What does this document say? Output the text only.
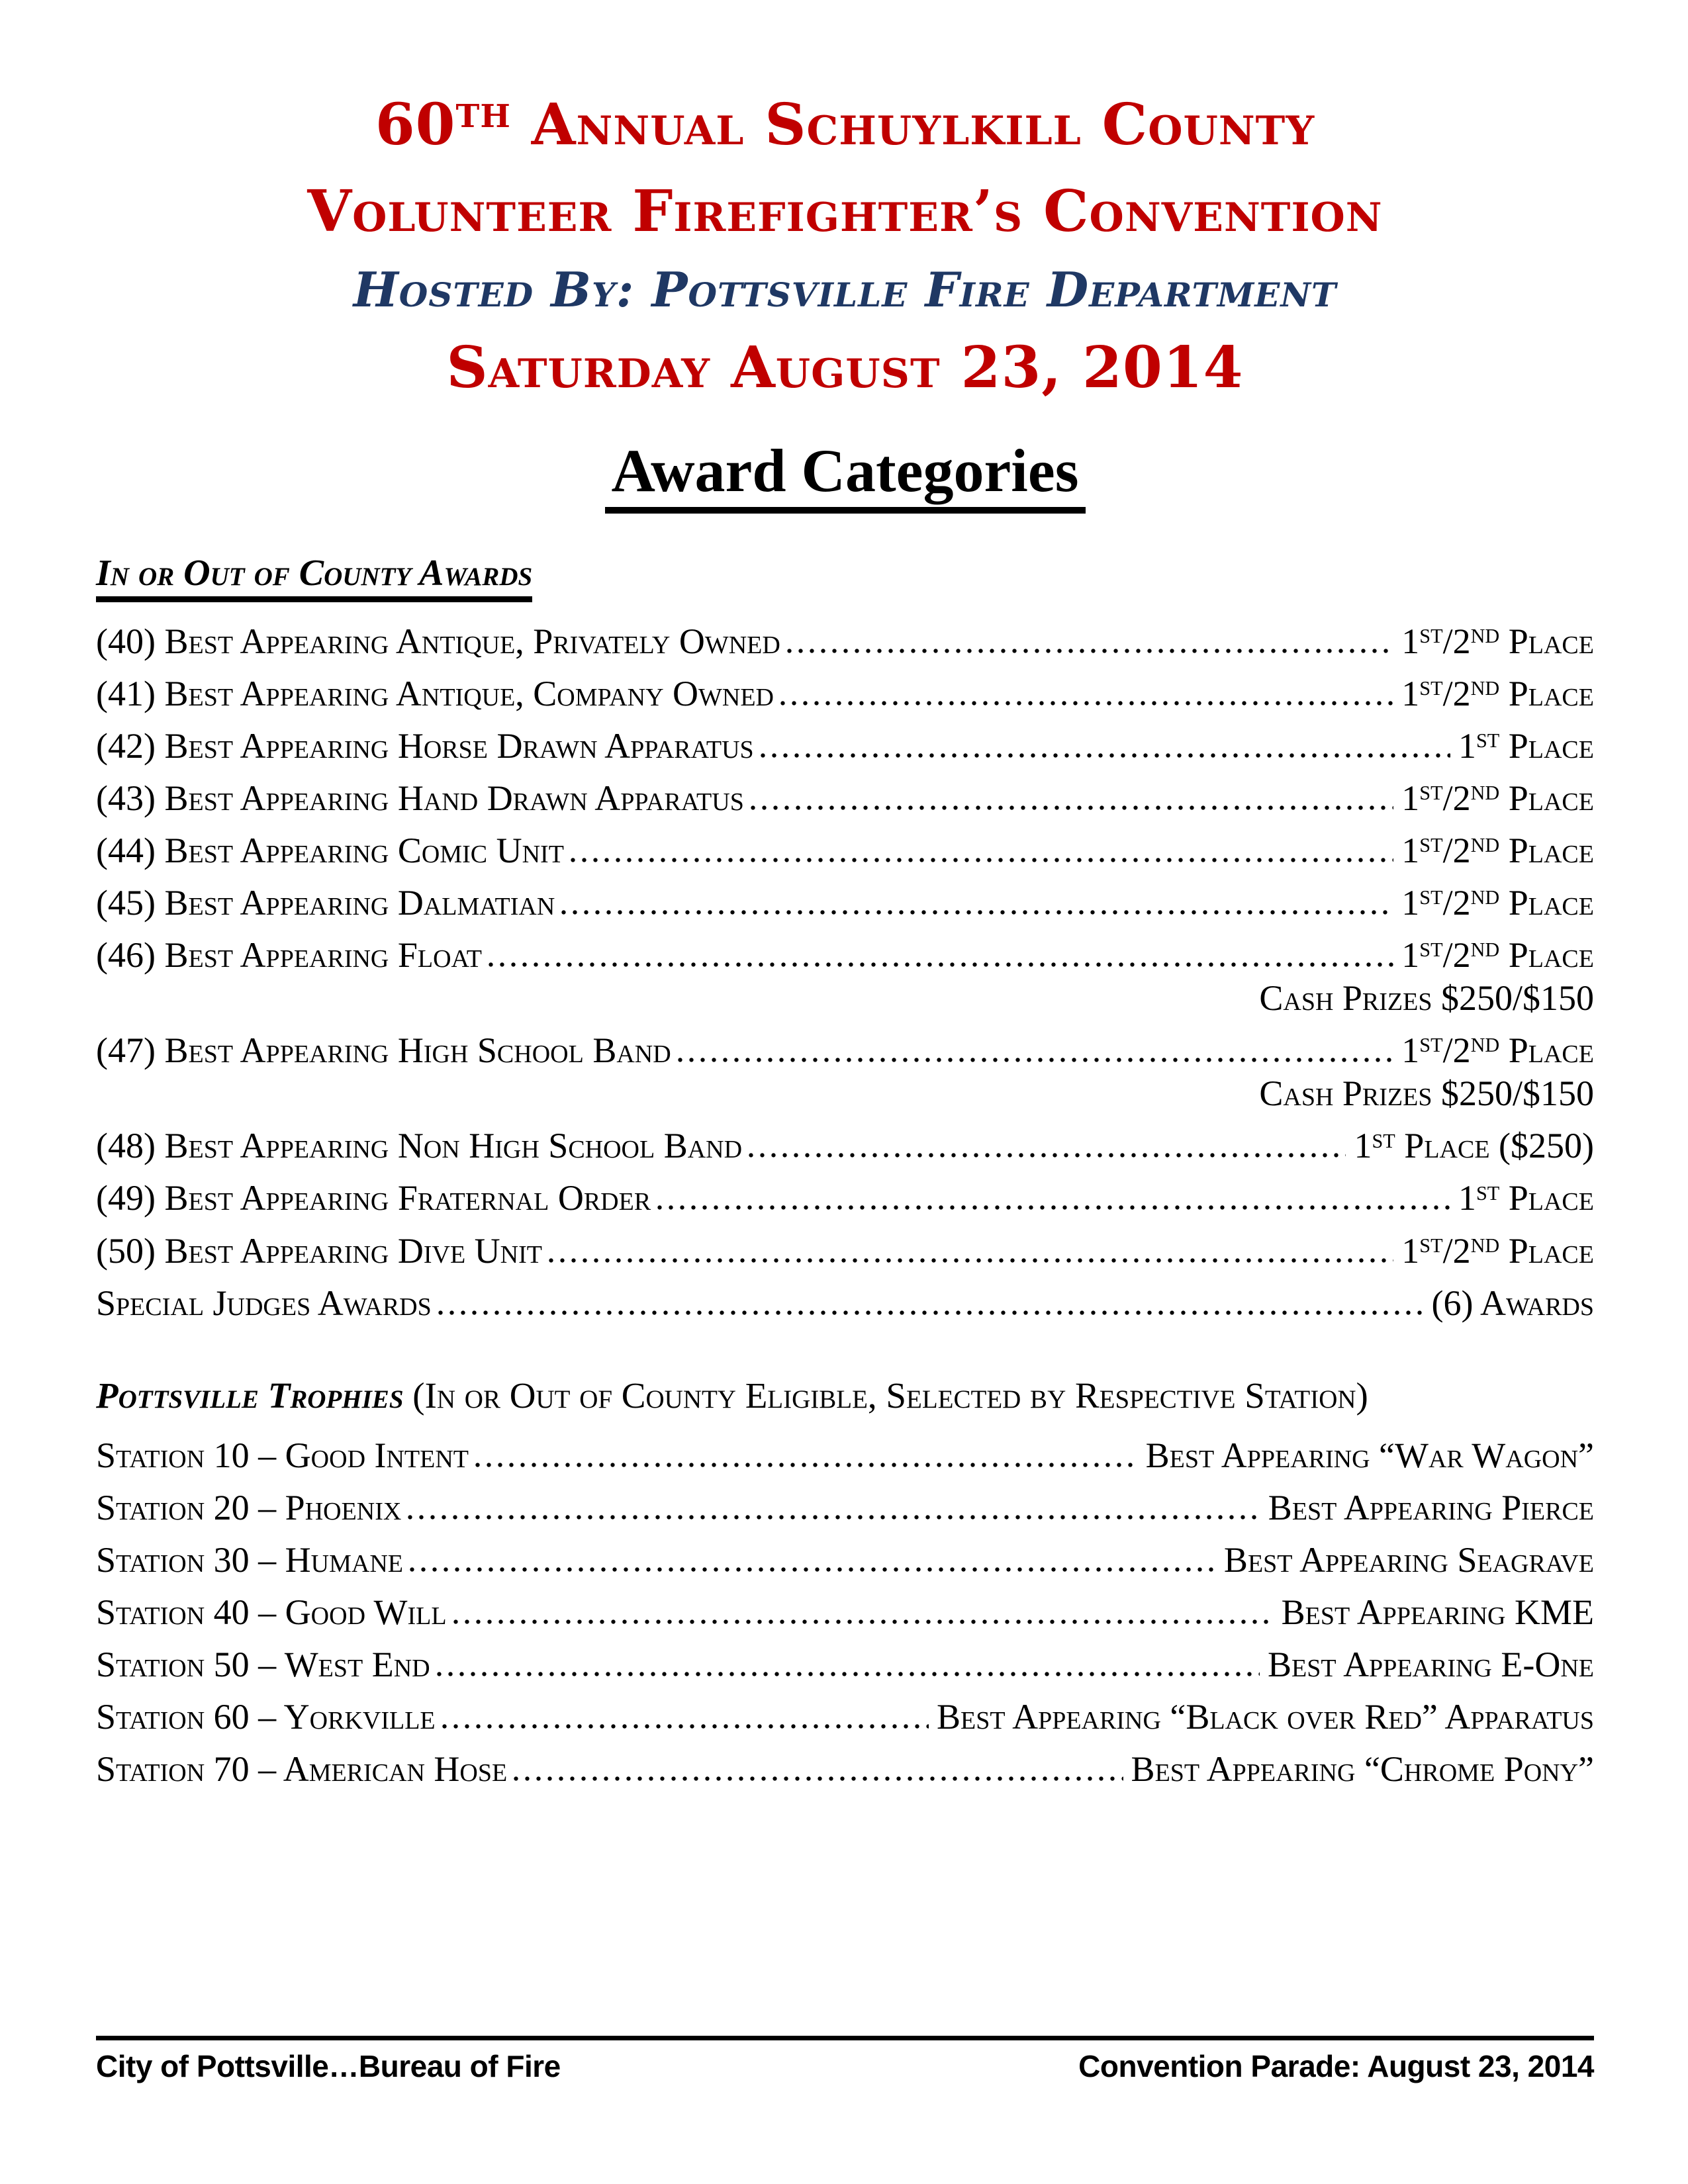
60TH Annual Schuylkill County
Volunteer Firefighter’s Convention
Hosted By: Pottsville Fire Department
Saturday August 23, 2014
Award Categories
In or Out of County Awards
(40) Best Appearing Antique, Privately Owned	1ST/2ND Place
(41) Best Appearing Antique, Company Owned	1ST/2ND Place
(42) Best Appearing Horse Drawn Apparatus	1ST Place
(43) Best Appearing Hand Drawn Apparatus	1ST/2ND Place
(44) Best Appearing Comic Unit	1ST/2ND Place
(45) Best Appearing Dalmatian	1ST/2ND Place
(46) Best Appearing Float	1ST/2ND Place
Cash Prizes $250/$150
(47) Best Appearing High School Band	1ST/2ND Place
Cash Prizes $250/$150
(48) Best Appearing Non High School Band	1ST Place ($250)
(49) Best Appearing Fraternal Order	1ST Place
(50) Best Appearing Dive Unit	1ST/2ND Place
Special Judges Awards	(6) Awards
Pottsville Trophies (In or Out of County Eligible, Selected by Respective Station)
Station 10 – Good Intent	Best Appearing “War Wagon”
Station 20 – Phoenix	Best Appearing Pierce
Station 30 – Humane	Best Appearing Seagrave
Station 40 – Good Will	Best Appearing KME
Station 50 – West End	Best Appearing E-One
Station 60 – Yorkville	Best Appearing “Black over Red” Apparatus
Station 70 – American Hose	Best Appearing “Chrome Pony”
City of Pottsville…Bureau of Fire	Convention Parade: August 23, 2014
